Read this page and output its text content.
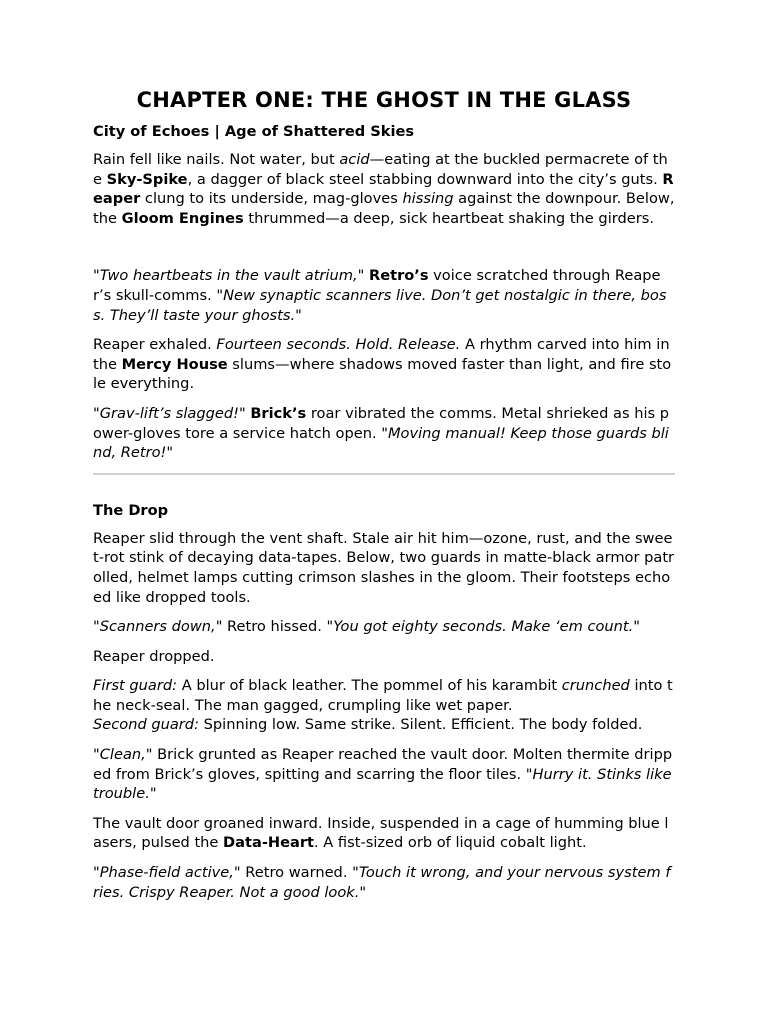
CHAPTER ONE: THE GHOST IN THE GLASS
City of Echoes | Age of Shattered Skies

Rain fell like nails. Not water, but acid—eating at the buckled permacrete of the Sky-Spike, a dagger of black steel stabbing downward into the city’s guts. Reaper clung to its underside, mag-gloves hissing against the downpour. Below, the Gloom Engines thrummed—a deep, sick heartbeat shaking the girders.

"Two heartbeats in the vault atrium," Retro’s voice scratched through Reaper’s skull-comms. "New synaptic scanners live. Don’t get nostalgic in there, boss. They’ll taste your ghosts."

Reaper exhaled. Fourteen seconds. Hold. Release. A rhythm carved into him in the Mercy House slums—where shadows moved faster than light, and fire stole everything.

"Grav-lift’s slagged!" Brick’s roar vibrated the comms. Metal shrieked as his power-gloves tore a service hatch open. "Moving manual! Keep those guards blind, Retro!"

The Drop

Reaper slid through the vent shaft. Stale air hit him—ozone, rust, and the sweet-rot stink of decaying data-tapes. Below, two guards in matte-black armor patrolled, helmet lamps cutting crimson slashes in the gloom. Their footsteps echoed like dropped tools.

"Scanners down," Retro hissed. "You got eighty seconds. Make ‘em count."

Reaper dropped.

First guard: A blur of black leather. The pommel of his karambit crunched into the neck-seal. The man gagged, crumpling like wet paper.

Second guard: Spinning low. Same strike. Silent. Efficient. The body folded.

"Clean," Brick grunted as Reaper reached the vault door. Molten thermite dripped from Brick’s gloves, spitting and scarring the floor tiles. "Hurry it. Stinks like trouble."

The vault door groaned inward. Inside, suspended in a cage of humming blue lasers, pulsed the Data-Heart. A fist-sized orb of liquid cobalt light.

"Phase-field active," Retro warned. "Touch it wrong, and your nervous system fries. Crispy Reaper. Not a good look."
